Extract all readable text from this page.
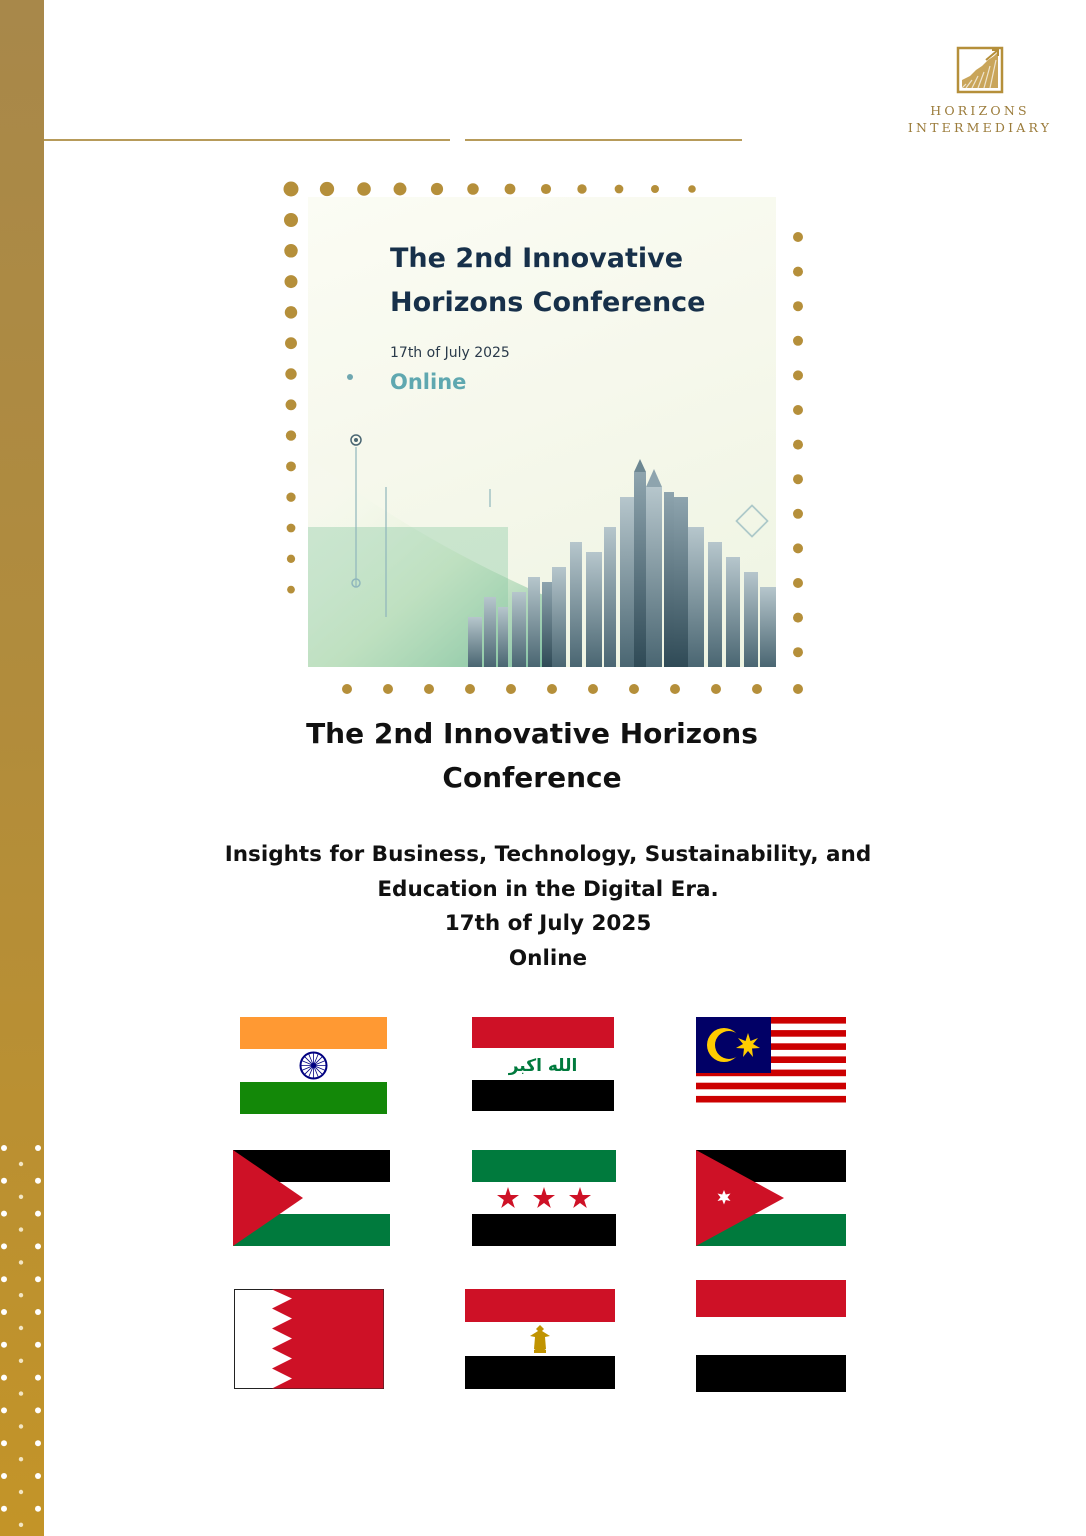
HORIZONS
INTERMEDIARY
The 2nd Innovative
Horizons Conference
17th of July 2025
Online
The 2nd Innovative Horizons
Conference
Insights for Business, Technology, Sustainability, and
Education in the Digital Era.
17th of July 2025
Online
الله اكبر
